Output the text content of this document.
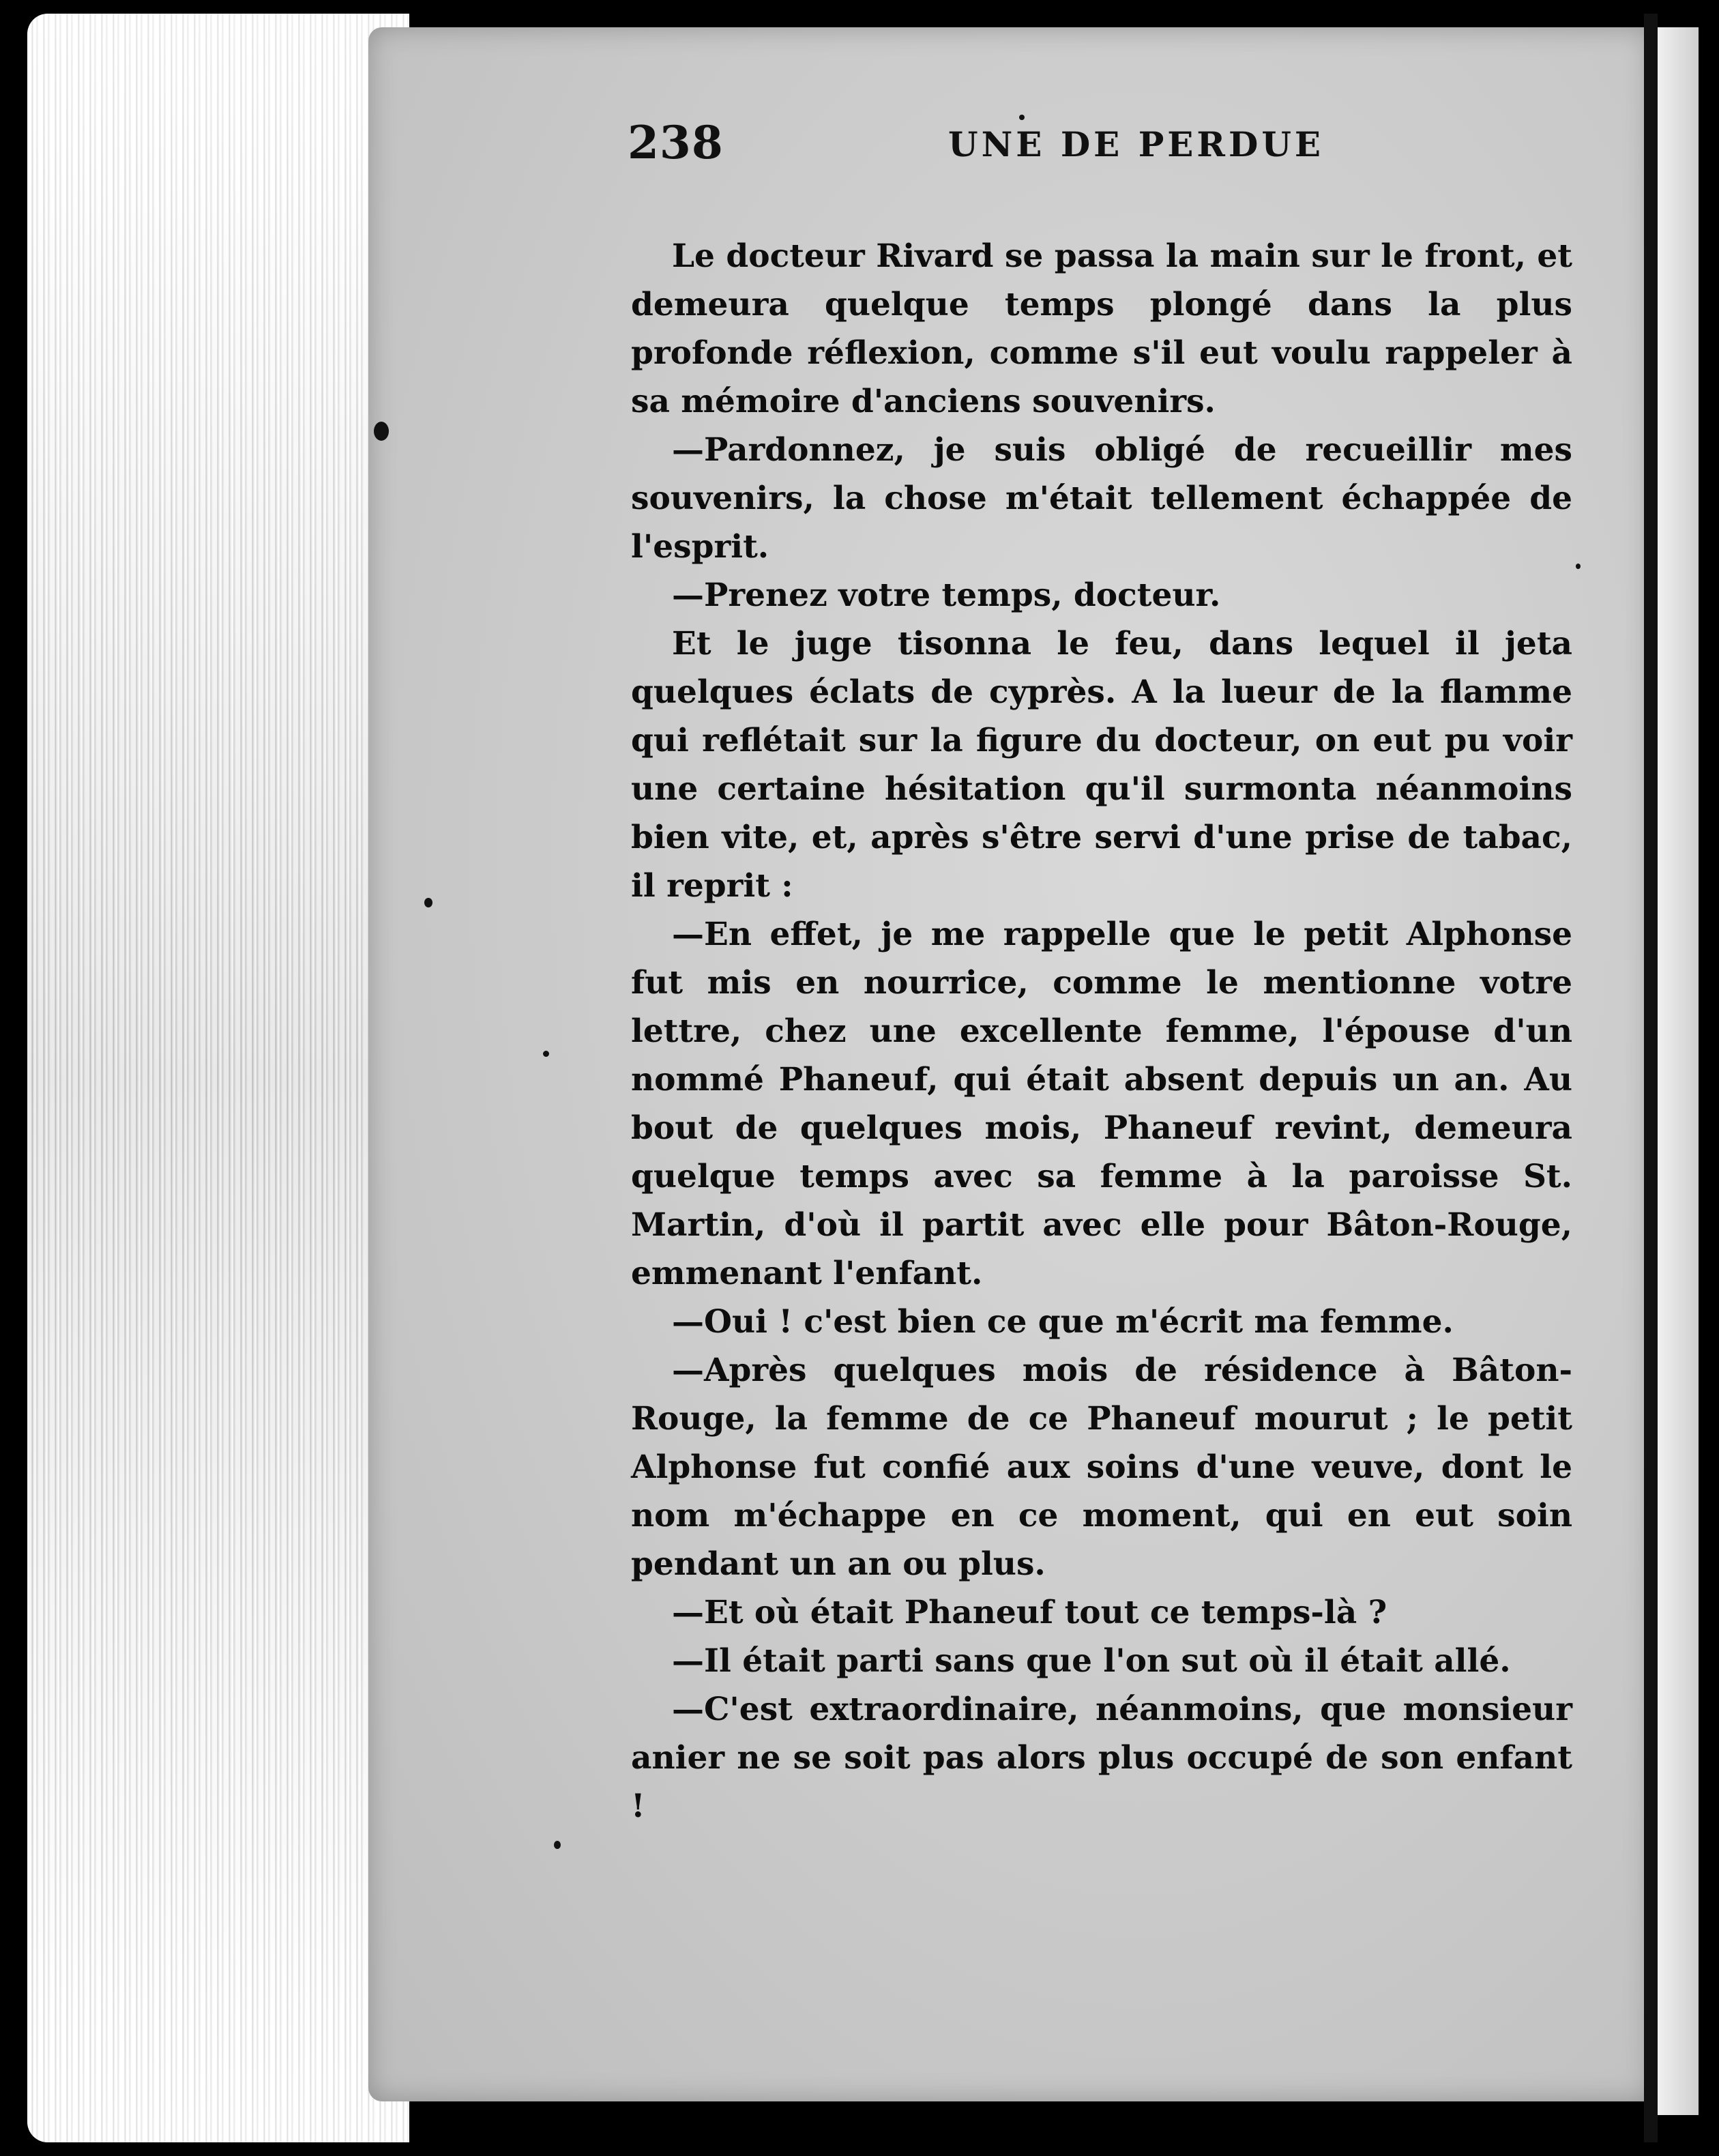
238	UNE DE PERDUE

Le docteur Rivard se passa la main sur le front, et demeura quelque temps plongé dans la plus profonde réflexion, comme s'il eut voulu rappeler à sa mémoire d'anciens souvenirs.

—Pardonnez, je suis obligé de recueillir mes souvenirs, la chose m'était tellement échappée de l'esprit.

—Prenez votre temps, docteur.

Et le juge tisonna le feu, dans lequel il jeta quelques éclats de cyprès. A la lueur de la flamme qui reflétait sur la figure du docteur, on eut pu voir une certaine hésitation qu'il surmonta néanmoins bien vite, et, après s'être servi d'une prise de tabac, il reprit :

—En effet, je me rappelle que le petit Alphonse fut mis en nourrice, comme le mentionne votre lettre, chez une excellente femme, l'épouse d'un nommé Phaneuf, qui était absent depuis un an. Au bout de quelques mois, Phaneuf revint, demeura quelque temps avec sa femme à la paroisse St. Martin, d'où il partit avec elle pour Bâton-Rouge, emmenant l'enfant.

—Oui ! c'est bien ce que m'écrit ma femme.

—Après quelques mois de résidence à Bâton-Rouge, la femme de ce Phaneuf mourut ; le petit Alphonse fut confié aux soins d'une veuve, dont le nom m'échappe en ce moment, qui en eut soin pendant un an ou plus.

—Et où était Phaneuf tout ce temps-là ?

—Il était parti sans que l'on sut où il était allé.

—C'est extraordinaire, néanmoins, que monsieur anier ne se soit pas alors plus occupé de son enfant !
